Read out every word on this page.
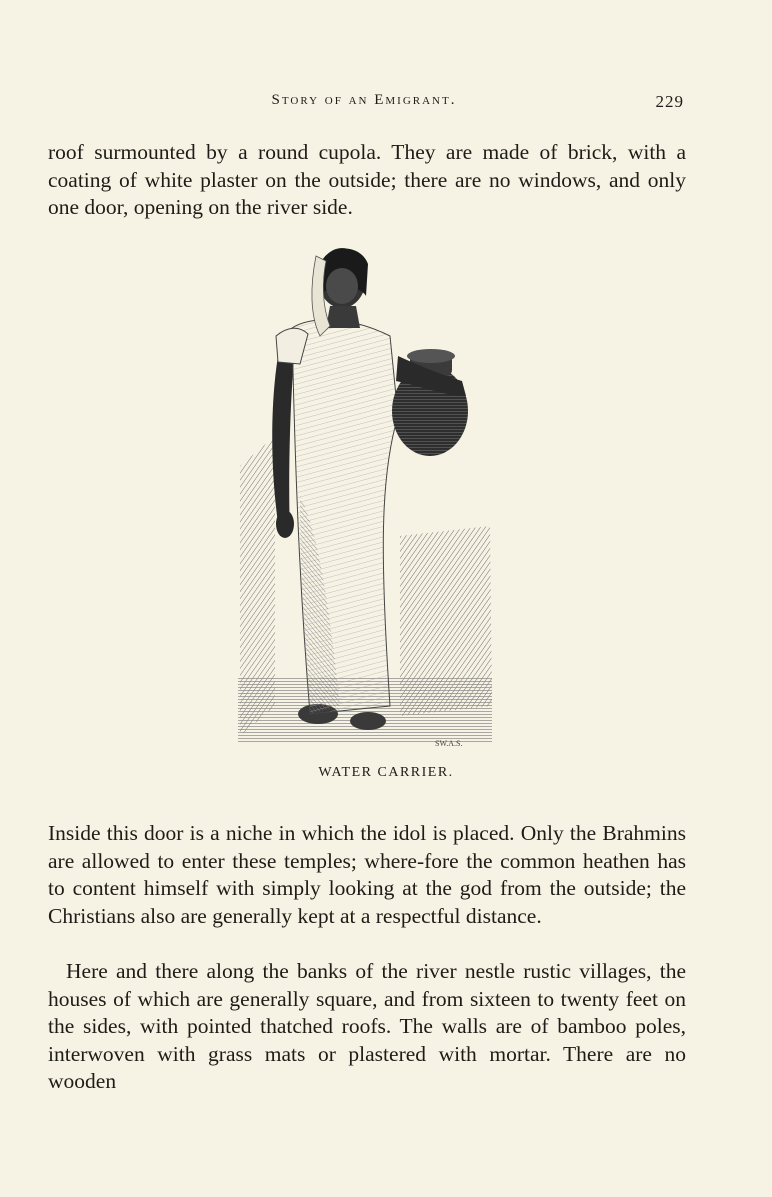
Story of an Emigrant.	229

roof surmounted by a round cupola. They are made of brick, with a coating of white plaster on the outside; there are no windows, and only one door, opening on the river side.

SW.A.S.
WATER CARRIER.

Inside this door is a niche in which the idol is placed. Only the Brahmins are allowed to enter these temples; where-fore the common heathen has to content himself with simply looking at the god from the outside; the Christians also are generally kept at a respectful distance.

Here and there along the banks of the river nestle rustic villages, the houses of which are generally square, and from sixteen to twenty feet on the sides, with pointed thatched roofs. The walls are of bamboo poles, interwoven with grass mats or plastered with mortar. There are no wooden
